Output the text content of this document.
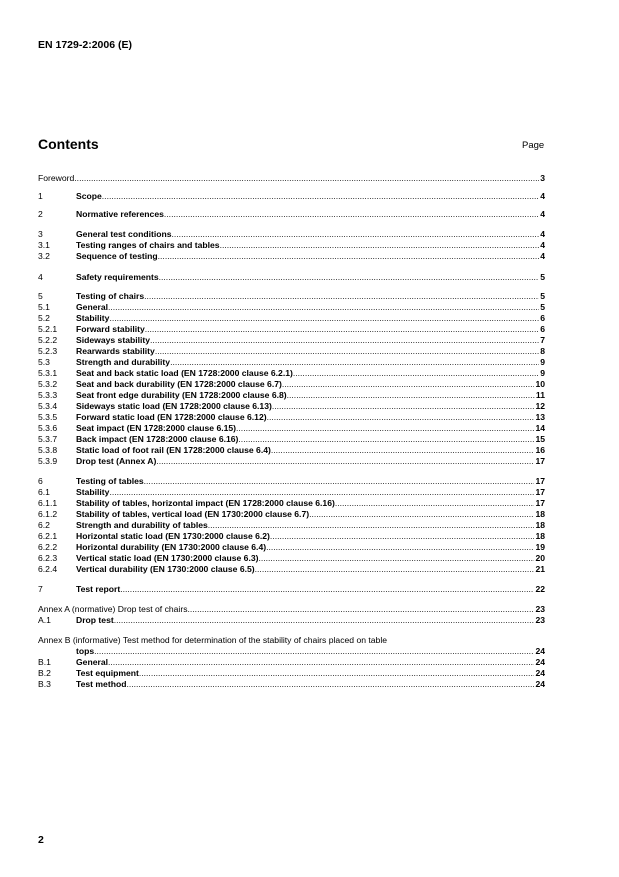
EN 1729-2:2006 (E)
Contents	Page
Foreword .....	3
1	Scope .....	4
2	Normative references .....	4
3	General test conditions .....	4
3.1	Testing ranges of chairs and tables .....	4
3.2	Sequence of testing .....	4
4	Safety requirements .....	5
5	Testing of chairs .....	5
5.1	General .....	5
5.2	Stability .....	6
5.2.1 Forward stability .....	6
5.2.2 Sideways stability .....	7
5.2.3 Rearwards stability .....	8
5.3	Strength and durability .....	9
5.3.1 Seat and back static load (EN 1728:2000 clause 6.2.1) .....	9
5.3.2 Seat and back durability (EN 1728:2000 clause 6.7) .....	10
5.3.3 Seat front edge durability (EN 1728:2000 clause 6.8) .....	11
5.3.4 Sideways static load (EN 1728:2000 clause 6.13) .....	12
5.3.5 Forward static load (EN 1728:2000 clause 6.12) .....	13
5.3.6 Seat impact (EN 1728:2000 clause 6.15) .....	14
5.3.7 Back impact (EN 1728:2000 clause 6.16) .....	15
5.3.8 Static load of foot rail (EN 1728:2000 clause 6.4) .....	16
5.3.9 Drop test (Annex A) .....	17
6	Testing of tables .....	17
6.1	Stability .....	17
6.1.1 Stability of tables, horizontal impact (EN 1728:2000 clause 6.16) .....	17
6.1.2 Stability of tables, vertical load (EN 1730:2000 clause 6.7) .....	18
6.2	Strength and durability of tables .....	18
6.2.1 Horizontal static load (EN 1730:2000 clause 6.2) .....	18
6.2.2 Horizontal durability (EN 1730:2000 clause 6.4) .....	19
6.2.3 Vertical static load (EN 1730:2000 clause 6.3) .....	20
6.2.4 Vertical durability (EN 1730:2000 clause 6.5) .....	21
7	Test report .....	22
Annex A (normative) Drop test of chairs .....	23
A.1	Drop test .....	23
Annex B (informative) Test method for determination of the stability of chairs placed on table
tops .....	24
B.1	General .....	24
B.2	Test equipment .....	24
B.3	Test method .....	24
2
